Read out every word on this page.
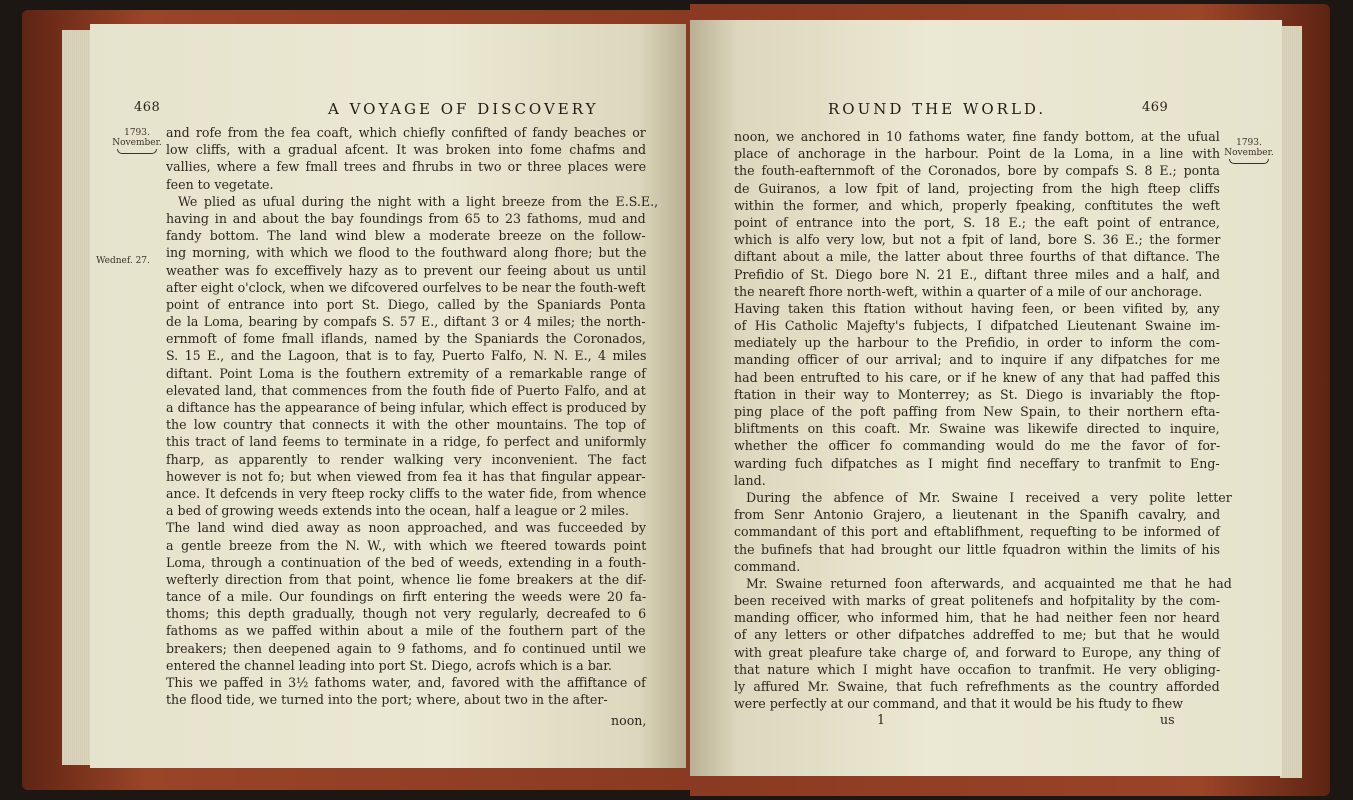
468	A VOYAGE OF DISCOVERY
1793.
November.
Wednef. 27.
and rofe from the fea coaft, which chiefly confifted of fandy beaches or
low cliffs, with a gradual afcent. It was broken into fome chafms and
vallies, where a few fmall trees and fhrubs in two or three places were
feen to vegetate.
We plied as ufual during the night with a light breeze from the E.S.E.,
having in and about the bay foundings from 65 to 23 fathoms, mud and
fandy bottom. The land wind blew a moderate breeze on the follow-
ing morning, with which we flood to the fouthward along fhore; but the
weather was fo exceffively hazy as to prevent our feeing about us until
after eight o'clock, when we difcovered ourfelves to be near the fouth-weft
point of entrance into port St. Diego, called by the Spaniards Ponta
de la Loma, bearing by compafs S. 57 E., diftant 3 or 4 miles; the north-
ernmoft of fome fmall iflands, named by the Spaniards the Coronados,
S. 15 E., and the Lagoon, that is to fay, Puerto Falfo, N. N. E., 4 miles
diftant. Point Loma is the fouthern extremity of a remarkable range of
elevated land, that commences from the fouth fide of Puerto Falfo, and at
a diftance has the appearance of being infular, which effect is produced by
the low country that connects it with the other mountains. The top of
this tract of land feems to terminate in a ridge, fo perfect and uniformly
fharp, as apparently to render walking very inconvenient. The fact
however is not fo; but when viewed from fea it has that fingular appear-
ance. It defcends in very fteep rocky cliffs to the water fide, from whence
a bed of growing weeds extends into the ocean, half a league or 2 miles.
The land wind died away as noon approached, and was fucceeded by
a gentle breeze from the N. W., with which we fteered towards point
Loma, through a continuation of the bed of weeds, extending in a fouth-
wefterly direction from that point, whence lie fome breakers at the dif-
tance of a mile. Our foundings on firft entering the weeds were 20 fa-
thoms; this depth gradually, though not very regularly, decreafed to 6
fathoms as we paffed within about a mile of the fouthern part of the
breakers; then deepened again to 9 fathoms, and fo continued until we
entered the channel leading into port St. Diego, acrofs which is a bar.
This we paffed in 3½ fathoms water, and, favored with the affiftance of
the flood tide, we turned into the port; where, about two in the after-
noon,
ROUND THE WORLD.	469
1793.
November.
noon, we anchored in 10 fathoms water, fine fandy bottom, at the ufual
place of anchorage in the harbour. Point de la Loma, in a line with
the fouth-eafternmoft of the Coronados, bore by compafs S. 8 E.; ponta
de Guiranos, a low fpit of land, projecting from the high fteep cliffs
within the former, and which, properly fpeaking, conftitutes the weft
point of entrance into the port, S. 18 E.; the eaft point of entrance,
which is alfo very low, but not a fpit of land, bore S. 36 E.; the former
diftant about a mile, the latter about three fourths of that diftance. The
Prefidio of St. Diego bore N. 21 E., diftant three miles and a half, and
the neareft fhore north-weft, within a quarter of a mile of our anchorage.
Having taken this ftation without having feen, or been vifited by, any
of His Catholic Majefty's fubjects, I difpatched Lieutenant Swaine im-
mediately up the harbour to the Prefidio, in order to inform the com-
manding officer of our arrival; and to inquire if any difpatches for me
had been entrufted to his care, or if he knew of any that had paffed this
ftation in their way to Monterrey; as St. Diego is invariably the ftop-
ping place of the poft paffing from New Spain, to their northern efta-
bliftments on this coaft. Mr. Swaine was likewife directed to inquire,
whether the officer fo commanding would do me the favor of for-
warding fuch difpatches as I might find neceffary to tranfmit to Eng-
land.
During the abfence of Mr. Swaine I received a very polite letter
from Senr Antonio Grajero, a lieutenant in the Spanifh cavalry, and
commandant of this port and eftablifhment, requefting to be informed of
the bufinefs that had brought our little fquadron within the limits of his
command.
Mr. Swaine returned foon afterwards, and acquainted me that he had
been received with marks of great politenefs and hofpitality by the com-
manding officer, who informed him, that he had neither feen nor heard
of any letters or other difpatches addreffed to me; but that he would
with great pleafure take charge of, and forward to Europe, any thing of
that nature which I might have occafion to tranfmit. He very obliging-
ly affured Mr. Swaine, that fuch refrefhments as the country afforded
were perfectly at our command, and that it would be his ftudy to fhew
1	us
